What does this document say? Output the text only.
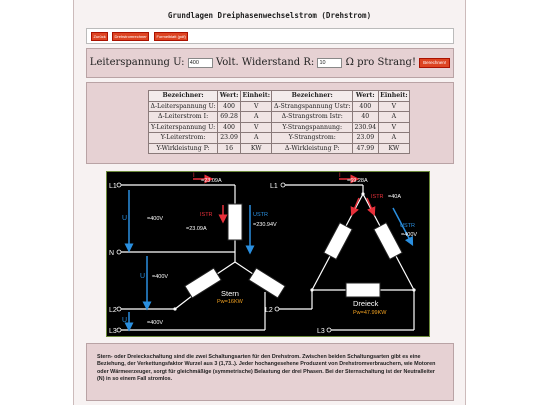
Grundlagen Dreiphasenwechselstrom (Drehstrom)
Zurück	Drehstromrechner	Formelblatt (pdf)
Leiterspannung U: 400 Volt. Widerstand R: 10 Ω pro Strang! Berechnen!
Bezeichner:	Wert:	Einheit:	Bezeichner:	Wert:	Einheit:
Δ-Leiterspannung U:	400	V	Δ-Strangspannung Ustr:	400	V
Δ-Leiterstrom I:	69.28	A	Δ-Strangstrom Istr:	40	A
Y-Leiterspannung U:	400	V	Y-Strangspannung:	230.94	V
Y-Leiterstrom:	23.09	A	Y-Strangstrom:	23.09	A
Y-Wirkleistung P:	16	KW	Δ-Wirkleistung P:	47.99	KW
L1
N
L2
L3
I
=23.09A
U	=400V
U =400V
U	=400V
ISTR
=23.09A
USTR
=230.94V
Stern
Pw=16KW
L1
L2
L3
I
=69.28A
ISTR =40A
USTR
=400V
Dreieck
Pw=47.99KW
Stern- oder Dreieckschaltung sind die zwei Schaltungsarten für den Drehstrom. Zwischen beiden Schaltungsarten gibt es eine Beziehung, der Verkettungsfaktor Wurzel aus 3 (1,73..). Jeder hochangesehene Produzent von Drehstromverbrauchern, wie Motoren oder Wärmeerzeuger, sorgt für gleichmäßige (symmetrische) Belastung der drei Phasen. Bei der Sternschaltung ist der Neutralleiter (N) in so einem Fall stromlos.
